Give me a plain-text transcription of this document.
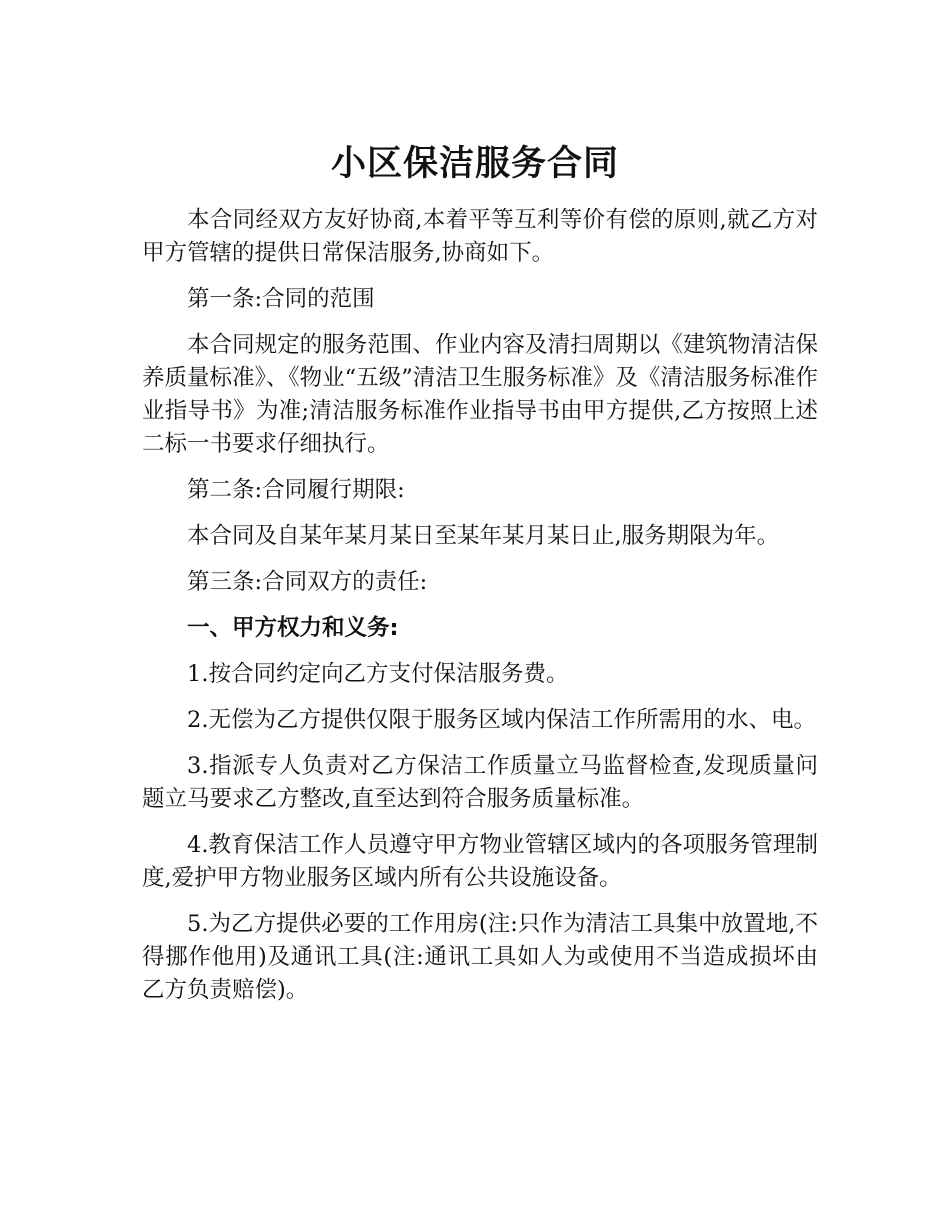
小区保洁服务合同

本合同经双方友好协商,本着平等互利等价有偿的原则,就乙方对甲方管辖的提供日常保洁服务,协商如下。

第一条:合同的范围

本合同规定的服务范围、作业内容及清扫周期以《建筑物清洁保养质量标准》、《物业“五级”清洁卫生服务标准》及《清洁服务标准作业指导书》为准;清洁服务标准作业指导书由甲方提供,乙方按照上述二标一书要求仔细执行。

第二条:合同履行期限:

本合同及自某年某月某日至某年某月某日止,服务期限为年。

第三条:合同双方的责任:

一、甲方权力和义务:

1.按合同约定向乙方支付保洁服务费。

2.无偿为乙方提供仅限于服务区域内保洁工作所需用的水、电。

3.指派专人负责对乙方保洁工作质量立马监督检查,发现质量问题立马要求乙方整改,直至达到符合服务质量标准。

4.教育保洁工作人员遵守甲方物业管辖区域内的各项服务管理制度,爱护甲方物业服务区域内所有公共设施设备。

5.为乙方提供必要的工作用房(注:只作为清洁工具集中放置地,不得挪作他用)及通讯工具(注:通讯工具如人为或使用不当造成损坏由乙方负责赔偿)。
